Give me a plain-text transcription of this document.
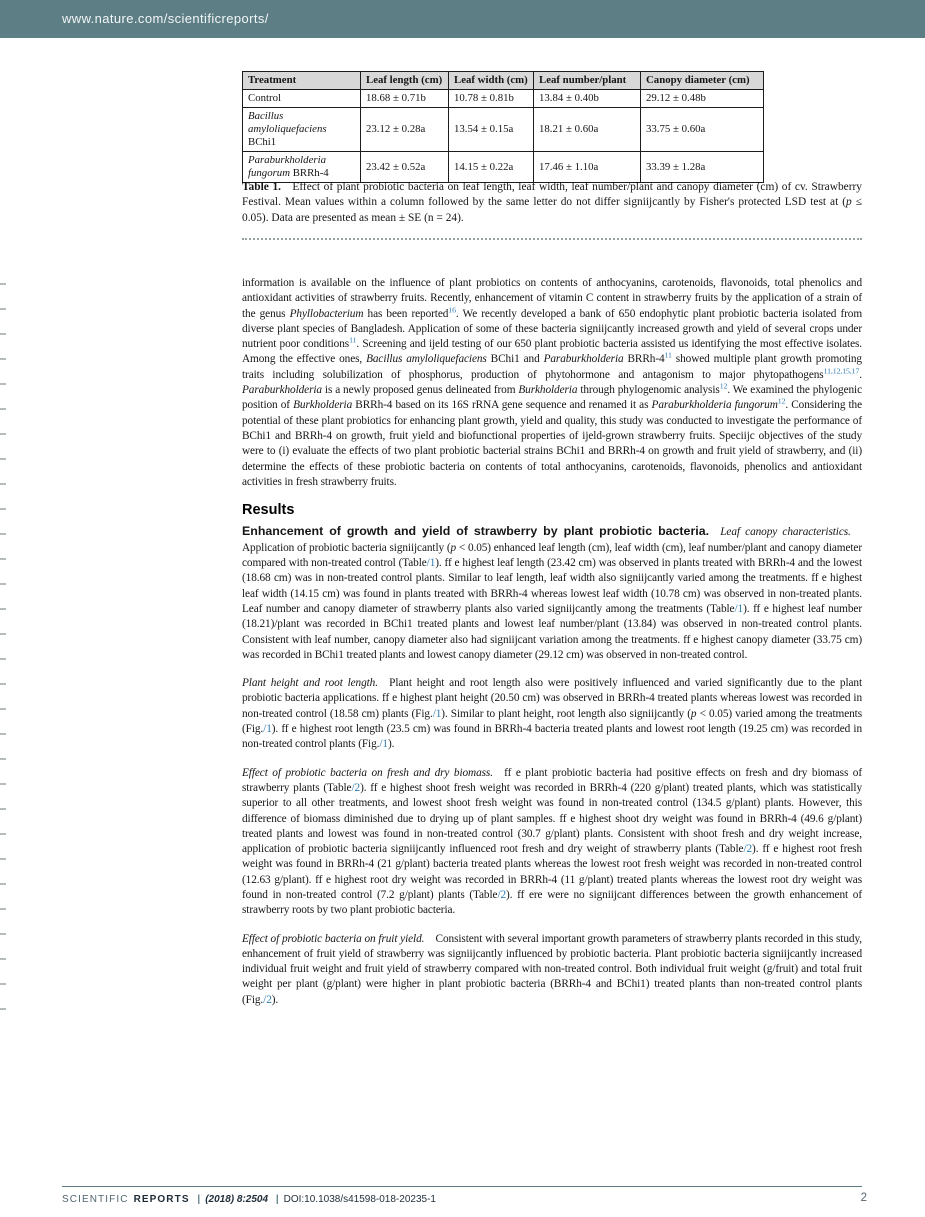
www.nature.com/scientificreports/
Treatment	Leaf length (cm)	Leaf width (cm)	Leaf number/plant	Canopy diameter (cm)
Control	18.68 ± 0.71b	10.78 ± 0.81b	13.84 ± 0.40b	29.12 ± 0.48b
Bacillus amyloliquefaciens BChi1	23.12 ± 0.28a	13.54 ± 0.15a	18.21 ± 0.60a	33.75 ± 0.60a
Paraburkholderia fungorum BRRh-4	23.42 ± 0.52a	14.15 ± 0.22a	17.46 ± 1.10a	33.39 ± 1.28a

Table 1. Effect of plant probiotic bacteria on leaf length, leaf width, leaf number/plant and canopy diameter (cm) of cv. Strawberry Festival. Mean values within a column followed by the same letter do not differ signiijcantly by Fisher's protected LSD test at (p ≤ 0.05). Data are presented as mean ± SE (n = 24).

information is available on the influence of plant probiotics on contents of anthocyanins, carotenoids, flavonoids, total phenolics and antioxidant activities of strawberry fruits. Recently, enhancement of vitamin C content in strawberry fruits by the application of a strain of the genus Phyllobacterium has been reported$^{16}$. We recently developed a bank of 650 endophytic plant probiotic bacteria isolated from diverse plant species of Bangladesh. Application of some of these bacteria signiijcantly increased growth and yield of several crops under nutrient poor conditions$^{11}$. Screening and ijeld testing of our 650 plant probiotic bacteria assisted us identifying the most effective isolates. Among the effective ones, Bacillus amyloliquefaciens BChi1 and Paraburkholderia BRRh-$4^{11}$ showed multiple plant growth promoting traits including solubilization of phosphorus, production of phytohormone and antagonism to major phytopathogens$^{11,12,15,17}$. Paraburkholderia is a newly proposed genus delineated from Burkholderia through phylogenomic analysis$^{12}$. We examined the phylogenic position of Burkholderia BRRh-4 based on its 16S rRNA gene sequence and renamed it as Paraburkholderia fungorum$^{12}$. Considering the potential of these plant probiotics for enhancing plant growth, yield and quality, this study was conducted to investigate the performance of BChi1 and BRRh-4 on growth, fruit yield and biofunctional properties of ijeld-grown strawberry fruits. Speciijc objectives of the study were to (i) evaluate the effects of two plant probiotic bacterial strains BChi1 and BRRh-4 on growth and fruit yield of strawberry, and (ii) determine the effects of these probiotic bacteria on contents of total anthocyanins, carotenoids, flavonoids, phenolics and antioxidant activities in fresh strawberry fruits.

Results

Enhancement of growth and yield of strawberry by plant probiotic bacteria.  Leaf canopy characteristics. Application of probiotic bacteria signiijcantly (p < 0.05) enhanced leaf length (cm), leaf width (cm), leaf number/plant and canopy diameter compared with non-treated control (Table/1). ff e highest leaf length (23.42 cm) was observed in plants treated with BRRh-4 and the lowest (18.68 cm) was in non-treated control plants. Similar to leaf length, leaf width also signiijcantly varied among the treatments. ff e highest leaf width (14.15 cm) was found in plants treated with BRRh-4 whereas lowest leaf width (10.78 cm) was observed in non-treated plants. Leaf number and canopy diameter of strawberry plants also varied signiijcantly among the treatments (Table/1). ff e highest leaf number (18.21)/plant was recorded in BChi1 treated plants and lowest leaf number/plant (13.84) was observed in non-treated control plants. Consistent with leaf number, canopy diameter also had signiijcant variation among the treatments. ff e highest canopy diameter (33.75 cm) was recorded in BChi1 treated plants and lowest canopy diameter (29.12 cm) was observed in non-treated control.

Plant height and root length. Plant height and root length also were positively influenced and varied significantly due to the plant probiotic bacteria applications. ff e highest plant height (20.50 cm) was observed in BRRh-4 treated plants whereas lowest was recorded in non-treated control (18.58 cm) plants (Fig./1). Similar to plant height, root length also signiijcantly (p < 0.05) varied among the treatments (Fig./1). ff e highest root length (23.5 cm) was found in BRRh-4 bacteria treated plants and lowest root length (19.25 cm) was recorded in non-treated control plants (Fig./1).

Effect of probiotic bacteria on fresh and dry biomass. ff e plant probiotic bacteria had positive effects on fresh and dry biomass of strawberry plants (Table/2). ff e highest shoot fresh weight was recorded in BRRh-4 (220 g/plant) treated plants, which was statistically superior to all other treatments, and lowest shoot fresh weight was found in non-treated control (134.5 g/plant) plants. However, this difference of biomass diminished due to drying up of plant samples. ff e highest shoot dry weight was found in BRRh-4 (49.6 g/plant) treated plants and lowest was found in non-treated control (30.7 g/plant) plants. Consistent with shoot fresh and dry weight increase, application of probiotic bacteria signiijcantly influenced root fresh and dry weight of strawberry plants (Table/2). ff e highest root fresh weight was found in BRRh-4 (21 g/plant) bacteria treated plants whereas the lowest root fresh weight was recorded in non-treated control (12.63 g/plant). ff e highest root dry weight was recorded in BRRh-4 (11 g/plant) treated plants whereas the lowest root dry weight was found in non-treated control (7.2 g/plant) plants (Table/2). ff ere were no signiijcant differences between the growth enhancement of strawberry roots by two plant probiotic bacteria.

Effect of probiotic bacteria on fruit yield. Consistent with several important growth parameters of strawberry plants recorded in this study, enhancement of fruit yield of strawberry was signiijcantly influenced by probiotic bacteria. Plant probiotic bacteria signiijcantly increased individual fruit weight and fruit yield of strawberry compared with non-treated control. Both individual fruit weight (g/fruit) and total fruit weight per plant (g/plant) were higher in plant probiotic bacteria (BRRh-4 and BChi1) treated plants than non-treated control plants (Fig./2).

SCIENTIFIC REPORTS | (2018) 8:2504 | DOI:10.1038/s41598-018-20235-1	2
